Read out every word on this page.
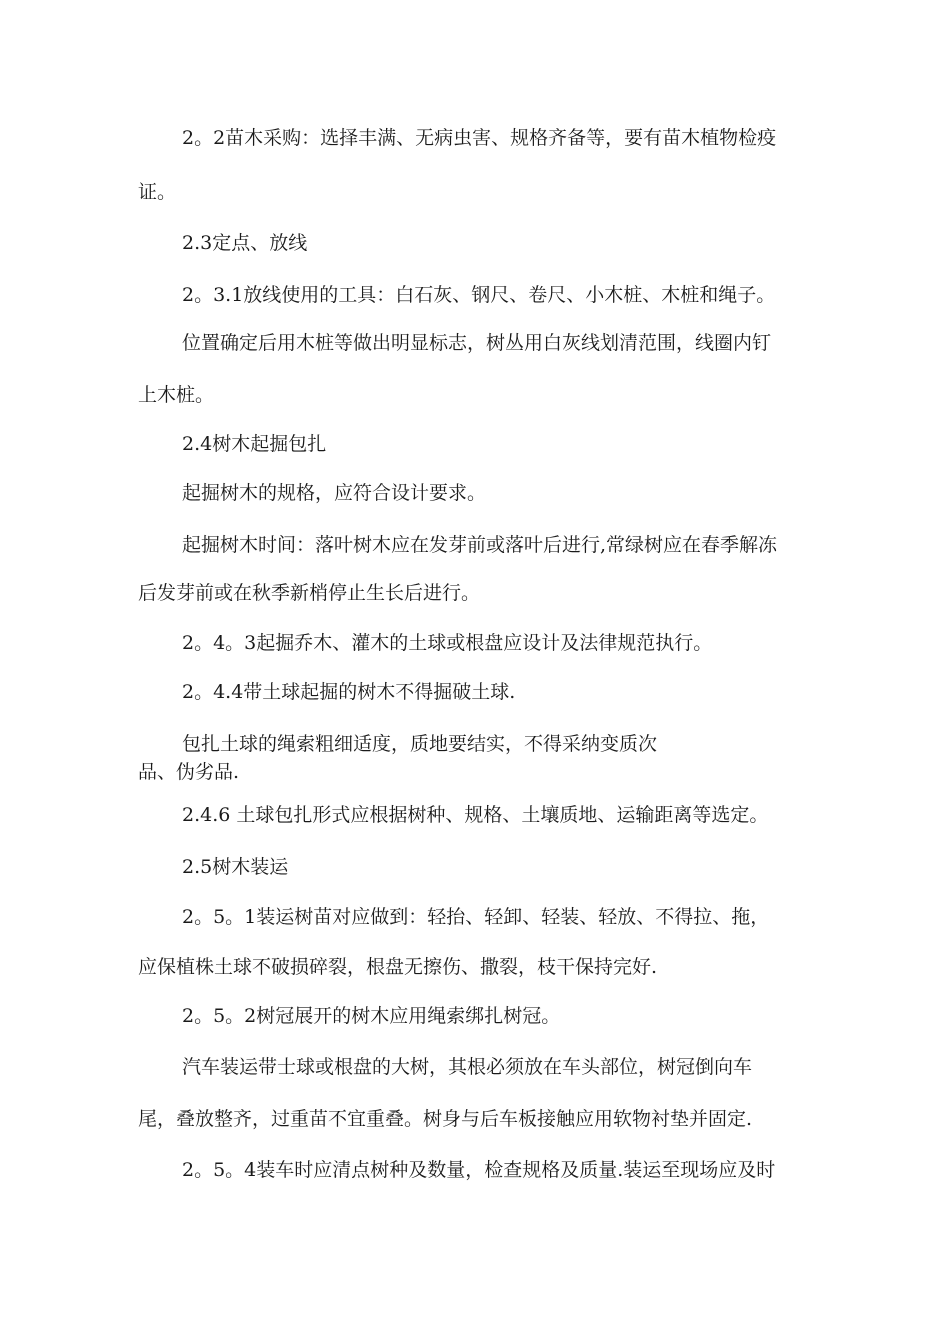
2。2苗木采购：选择丰满、无病虫害、规格齐备等，要有苗木植物检疫
证。
2.3定点、放线
2。3.1放线使用的工具：白石灰、钢尺、卷尺、小木桩、木桩和绳子。
位置确定后用木桩等做出明显标志，树丛用白灰线划清范围，线圈内钉
上木桩。
2.4树木起掘包扎
起掘树木的规格，应符合设计要求。
起掘树木时间：落叶树木应在发芽前或落叶后进行,常绿树应在春季解冻
后发芽前或在秋季新梢停止生长后进行。
2。4。3起掘乔木、灌木的土球或根盘应设计及法律规范执行。
2。4.4带土球起掘的树木不得掘破土球.
包扎土球的绳索粗细适度，质地要结实，不得采纳变质次
品、伪劣品.
2.4.6 土球包扎形式应根据树种、规格、土壤质地、运输距离等选定。
2.5树木装运
2。5。1装运树苗对应做到：轻抬、轻卸、轻装、轻放、不得拉、拖，
应保植株土球不破损碎裂，根盘无擦伤、撒裂，枝干保持完好.
2。5。2树冠展开的树木应用绳索绑扎树冠。
汽车装运带士球或根盘的大树，其根必须放在车头部位，树冠倒向车
尾，叠放整齐，过重苗不宜重叠。树身与后车板接触应用软物衬垫并固定.
2。5。4装车时应清点树种及数量，检查规格及质量.装运至现场应及时
